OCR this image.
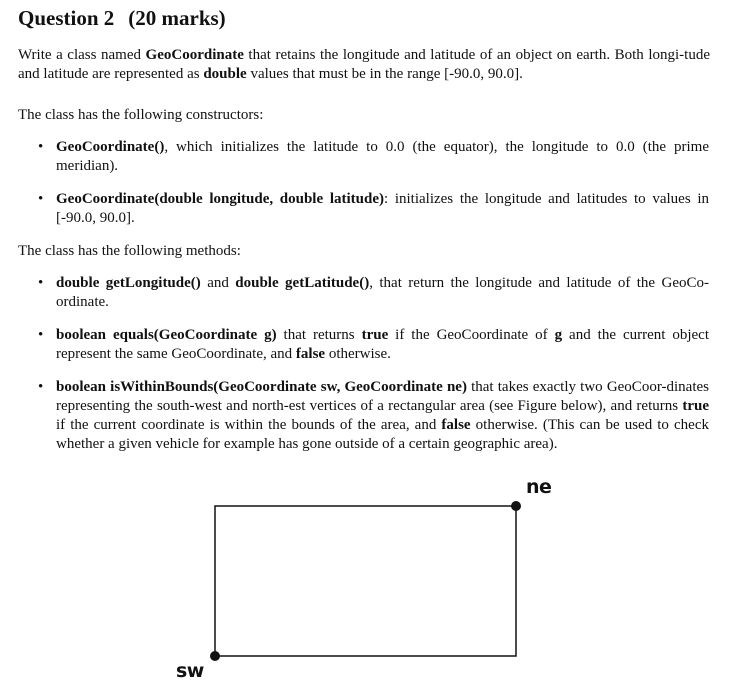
Question 2 (20 marks)
Write a class named GeoCoordinate that retains the longitude and latitude of an object on earth. Both longi-tude and latitude are represented as double values that must be in the range [-90.0, 90.0].
The class has the following constructors:
• GeoCoordinate(), which initializes the latitude to 0.0 (the equator), the longitude to 0.0 (the prime meridian).
• GeoCoordinate(double longitude, double latitude): initializes the longitude and latitudes to values in [-90.0, 90.0].
The class has the following methods:
• double getLongitude() and double getLatitude(), that return the longitude and latitude of the GeoCo-ordinate.
• boolean equals(GeoCoordinate g) that returns true if the GeoCoordinate of g and the current object represent the same GeoCoordinate, and false otherwise.
• boolean isWithinBounds(GeoCoordinate sw, GeoCoordinate ne) that takes exactly two GeoCoor-dinates representing the south-west and north-est vertices of a rectangular area (see Figure below), and returns true if the current coordinate is within the bounds of the area, and false otherwise. (This can be used to check whether a given vehicle for example has gone outside of a certain geographic area).
ne
sw
